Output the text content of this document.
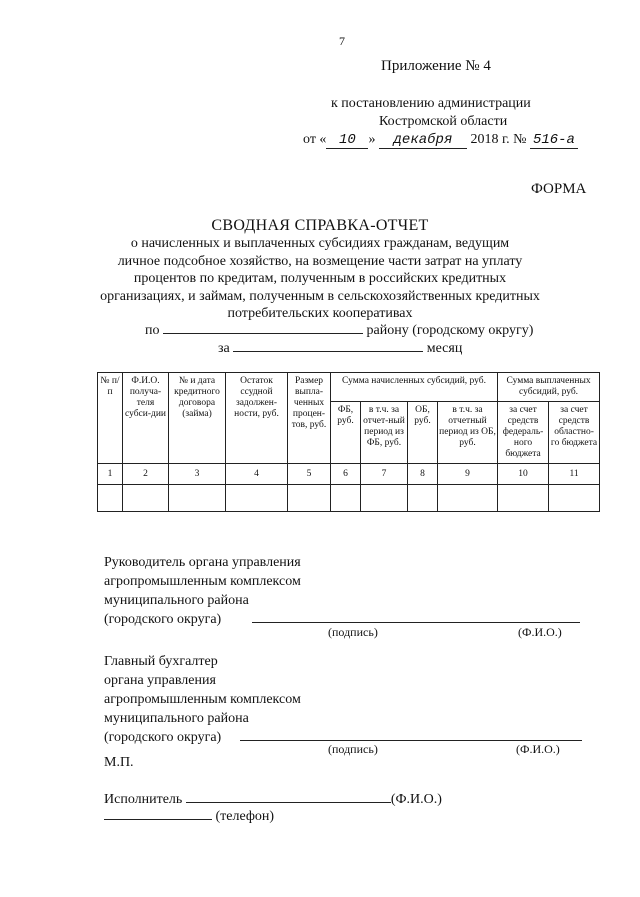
7
Приложение № 4
к постановлению администрации
Костромской области
от « 10 » декабря 2018 г. № 516-а
ФОРМА
СВОДНАЯ СПРАВКА-ОТЧЕТ
о начисленных и выплаченных субсидиях гражданам, ведущим
личное подсобное хозяйство, на возмещение части затрат на уплату
процентов по кредитам, полученным в российских кредитных
организациях, и займам, полученным в сельскохозяйственных кредитных
потребительских кооперативах
по	району (городскому округу)
за	месяц
№ п/п	Ф.И.О. получа-теля субси-дии	№ и дата кредитного договора (займа)	Остаток ссудной задолжен-ности, руб.	Размер выпла-ченных процен-тов, руб.	Сумма начисленных субсидий, руб.				Сумма выплаченных субсидий, руб.	
					ФБ, руб.	в т.ч. за отчет-ный период из ФБ, руб.	ОБ, руб.	в т.ч. за отчетный период из ОБ, руб.	за счет средств федераль-ного бюджета	за счет средств областно-го бюджета
1	2	3	4	5	6	7	8	9	10	11

Руководитель органа управления
агропромышленным комплексом
муниципального района
(городского округа)
(подпись)	(Ф.И.О.)
Главный бухгалтер
органа управления
агропромышленным комплексом
муниципального района
(городского округа)
(подпись)	(Ф.И.О.)
М.П.
Исполнитель	(Ф.И.О.)
(телефон)
